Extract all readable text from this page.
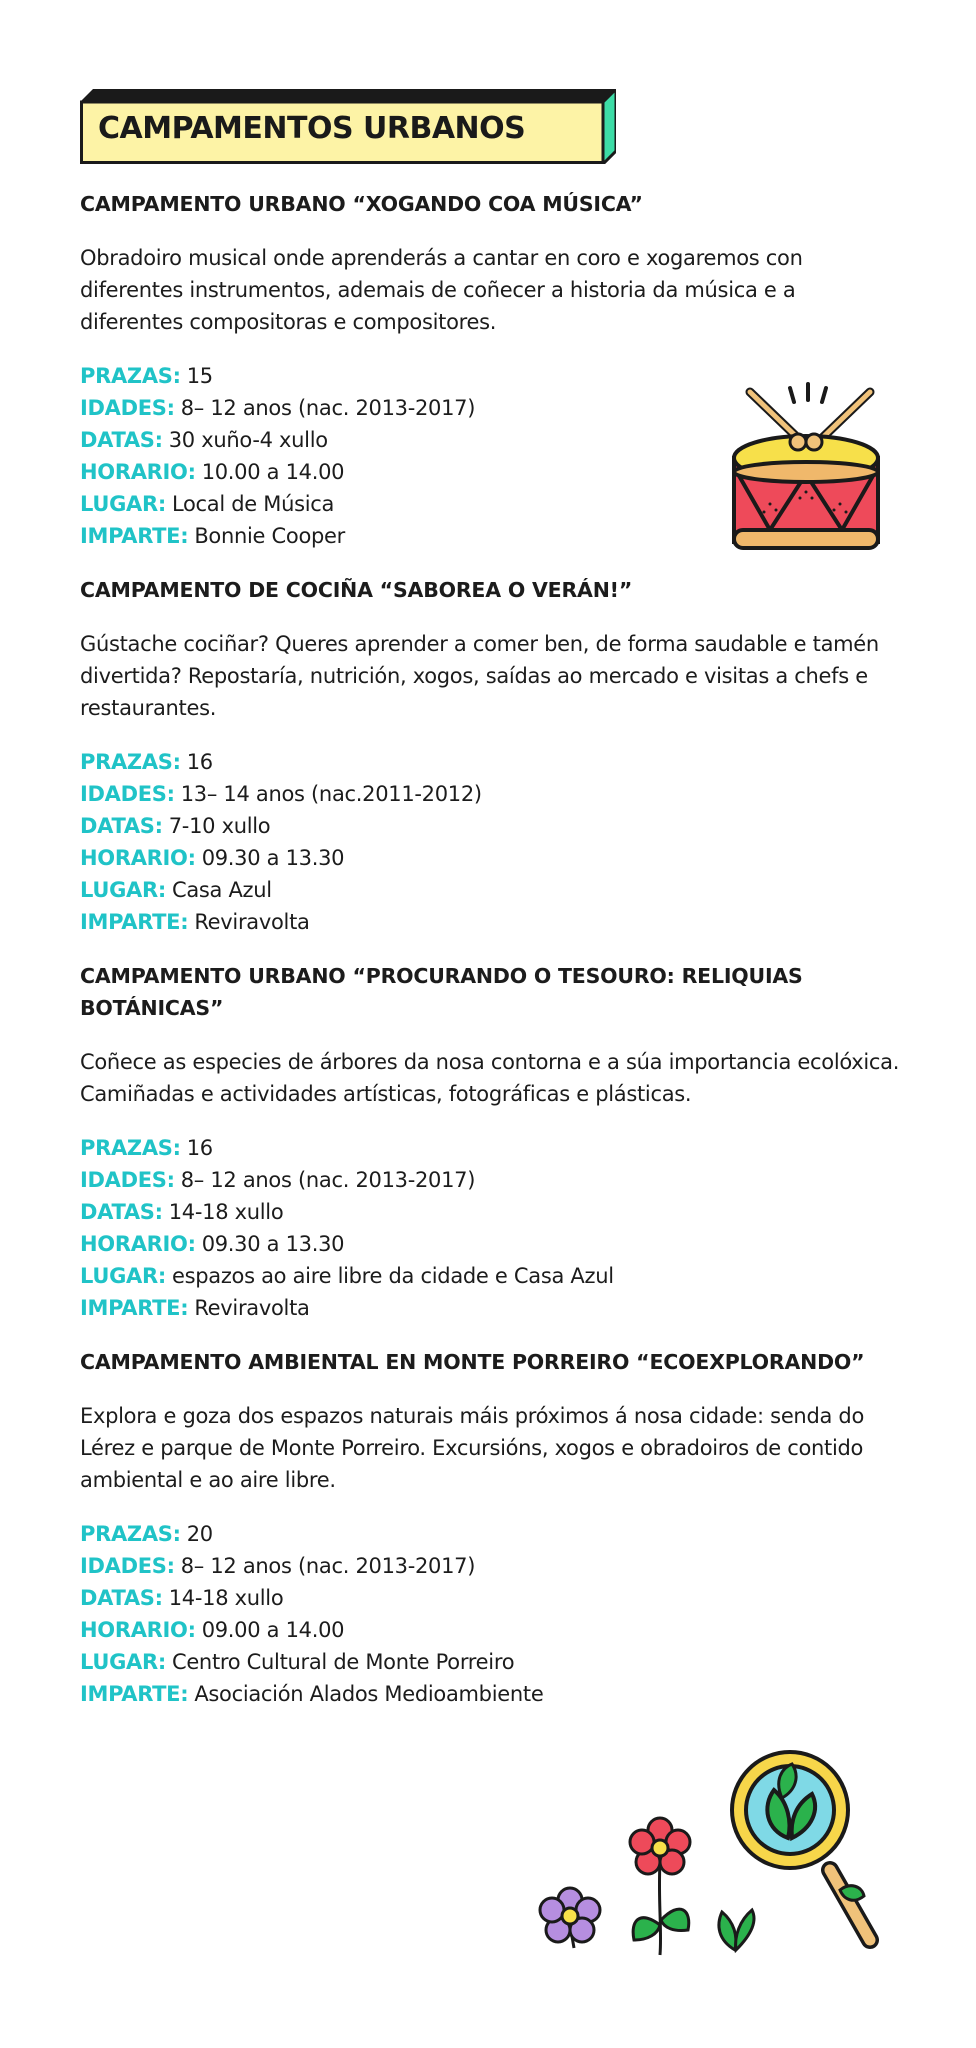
CAMPAMENTOS URBANOS
CAMPAMENTO URBANO “XOGANDO COA MÚSICA”
Obradoiro musical onde aprenderás a cantar en coro e xogaremos con diferentes instrumentos, ademais de coñecer a historia da música e a diferentes compositoras e compositores.
PRAZAS: 15
IDADES: 8– 12 anos (nac. 2013-2017)
DATAS: 30 xuño-4 xullo
HORARIO: 10.00 a 14.00
LUGAR: Local de Música
IMPARTE: Bonnie Cooper
CAMPAMENTO DE COCIÑA “SABOREA O VERÁN!”
Gústache cociñar? Queres aprender a comer ben, de forma saudable e tamén divertida? Repostaría, nutrición, xogos, saídas ao mercado e visitas a chefs e restaurantes.
PRAZAS: 16
IDADES: 13– 14 anos (nac.2011-2012)
DATAS: 7-10 xullo
HORARIO: 09.30 a 13.30
LUGAR: Casa Azul
IMPARTE: Reviravolta
CAMPAMENTO URBANO “PROCURANDO O TESOURO: RELIQUIAS BOTÁNICAS”
Coñece as especies de árbores da nosa contorna e a súa importancia ecolóxica. Camiñadas e actividades artísticas, fotográficas e plásticas.
PRAZAS: 16
IDADES: 8– 12 anos (nac. 2013-2017)
DATAS: 14-18 xullo
HORARIO: 09.30 a 13.30
LUGAR: espazos ao aire libre da cidade e Casa Azul
IMPARTE: Reviravolta
CAMPAMENTO AMBIENTAL EN MONTE PORREIRO “ECOEXPLORANDO”
Explora e goza dos espazos naturais máis próximos á nosa cidade: senda do Lérez e parque de Monte Porreiro. Excursións, xogos e obradoiros de contido ambiental e ao aire libre.
PRAZAS: 20
IDADES: 8– 12 anos (nac. 2013-2017)
DATAS: 14-18 xullo
HORARIO: 09.00 a 14.00
LUGAR: Centro Cultural de Monte Porreiro
IMPARTE: Asociación Alados Medioambiente
